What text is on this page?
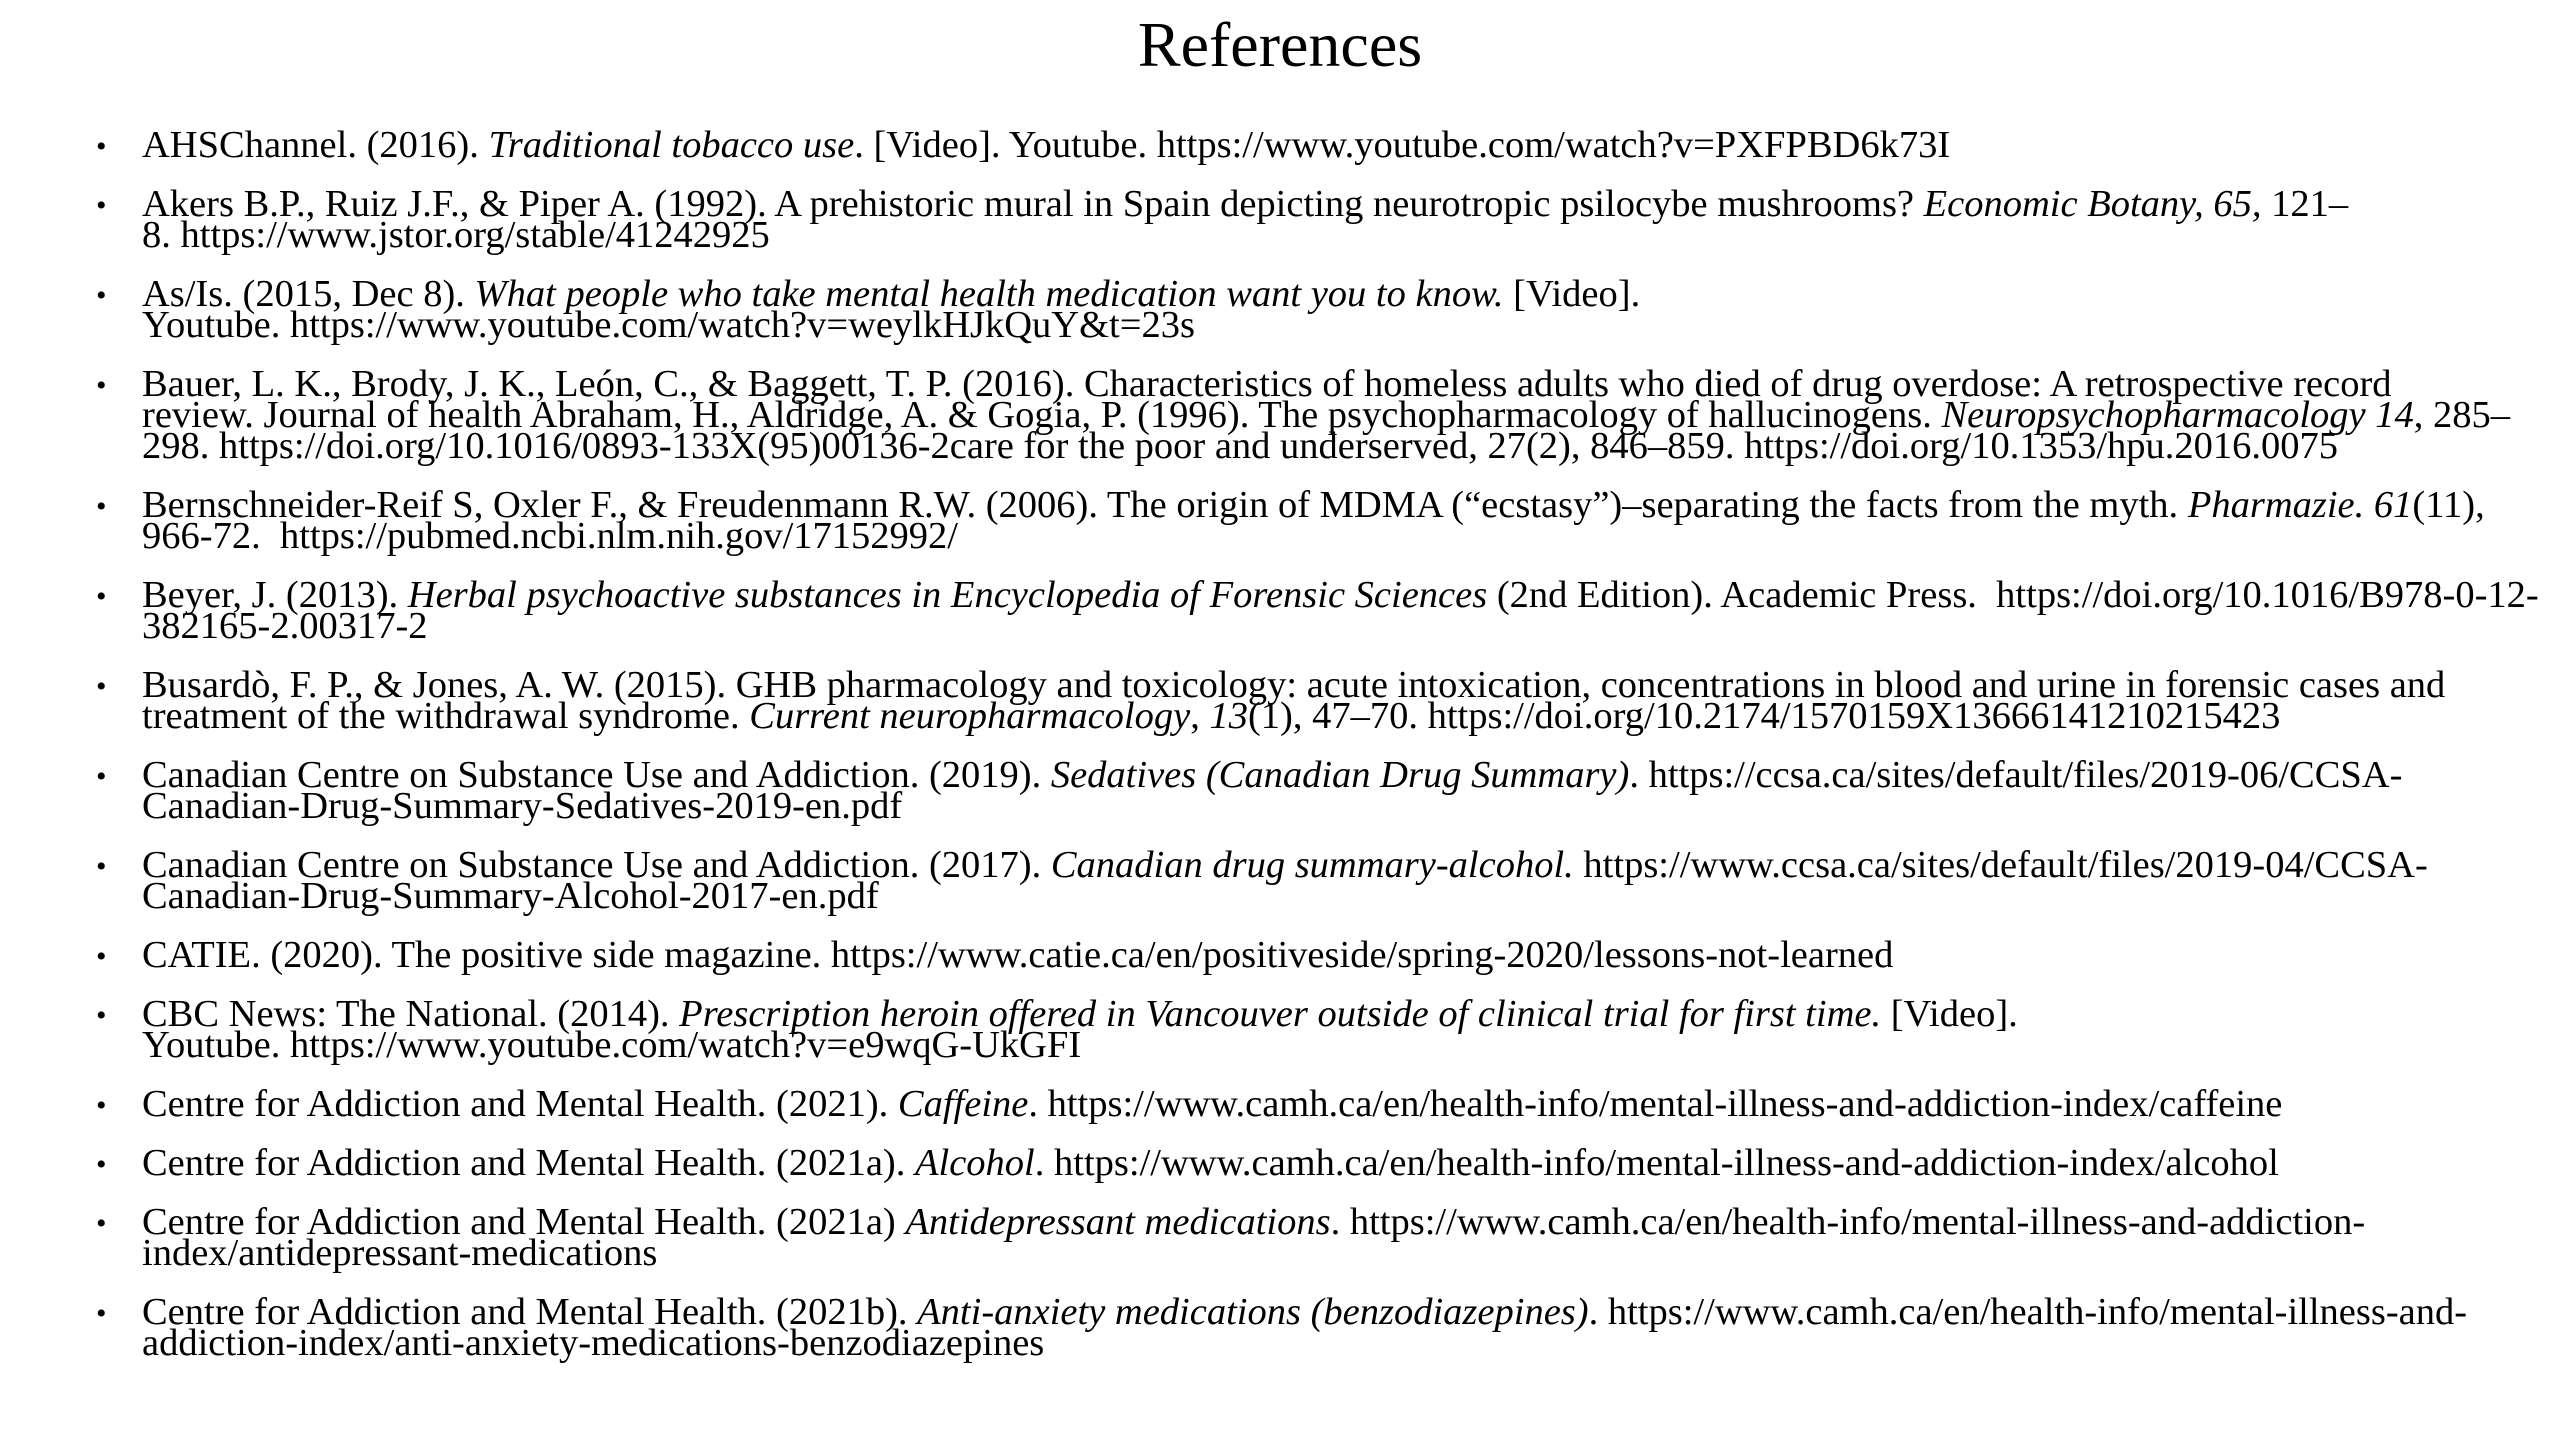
References
• AHSChannel. (2016). Traditional tobacco use. [Video]. Youtube. https://www.youtube.com/watch?v=PXFPBD6k73I
• Akers B.P., Ruiz J.F., & Piper A. (1992). A prehistoric mural in Spain depicting neurotropic psilocybe mushrooms? Economic Botany, 65, 121–
8. https://www.jstor.org/stable/41242925
• As/Is. (2015, Dec 8). What people who take mental health medication want you to know. [Video].
Youtube. https://www.youtube.com/watch?v=weylkHJkQuY&t=23s
• Bauer, L. K., Brody, J. K., León, C., & Baggett, T. P. (2016). Characteristics of homeless adults who died of drug overdose: A retrospective record
review. Journal of health Abraham, H., Aldridge, A. & Gogia, P. (1996). The psychopharmacology of hallucinogens. Neuropsychopharmacology 14, 285–
298. https://doi.org/10.1016/0893-133X(95)00136-2care for the poor and underserved, 27(2), 846–859. https://doi.org/10.1353/hpu.2016.0075
• Bernschneider-Reif S, Oxler F., & Freudenmann R.W. (2006). The origin of MDMA (“ecstasy”)–separating the facts from the myth. Pharmazie. 61(11),
966-72.  https://pubmed.ncbi.nlm.nih.gov/17152992/
• Beyer, J. (2013). Herbal psychoactive substances in Encyclopedia of Forensic Sciences (2nd Edition). Academic Press.  https://doi.org/10.1016/B978-0-12-
382165-2.00317-2
• Busardò, F. P., & Jones, A. W. (2015). GHB pharmacology and toxicology: acute intoxication, concentrations in blood and urine in forensic cases and
treatment of the withdrawal syndrome. Current neuropharmacology, 13(1), 47–70. https://doi.org/10.2174/1570159X13666141210215423
• Canadian Centre on Substance Use and Addiction. (2019). Sedatives (Canadian Drug Summary). https://ccsa.ca/sites/default/files/2019-06/CCSA-
Canadian-Drug-Summary-Sedatives-2019-en.pdf
• Canadian Centre on Substance Use and Addiction. (2017). Canadian drug summary-alcohol. https://www.ccsa.ca/sites/default/files/2019-04/CCSA-
Canadian-Drug-Summary-Alcohol-2017-en.pdf
• CATIE. (2020). The positive side magazine. https://www.catie.ca/en/positiveside/spring-2020/lessons-not-learned
• CBC News: The National. (2014). Prescription heroin offered in Vancouver outside of clinical trial for first time. [Video].
Youtube. https://www.youtube.com/watch?v=e9wqG-UkGFI
• Centre for Addiction and Mental Health. (2021). Caffeine. https://www.camh.ca/en/health-info/mental-illness-and-addiction-index/caffeine
• Centre for Addiction and Mental Health. (2021a). Alcohol. https://www.camh.ca/en/health-info/mental-illness-and-addiction-index/alcohol
• Centre for Addiction and Mental Health. (2021a) Antidepressant medications. https://www.camh.ca/en/health-info/mental-illness-and-addiction-
index/antidepressant-medications
• Centre for Addiction and Mental Health. (2021b). Anti-anxiety medications (benzodiazepines). https://www.camh.ca/en/health-info/mental-illness-and-
addiction-index/anti-anxiety-medications-benzodiazepines
